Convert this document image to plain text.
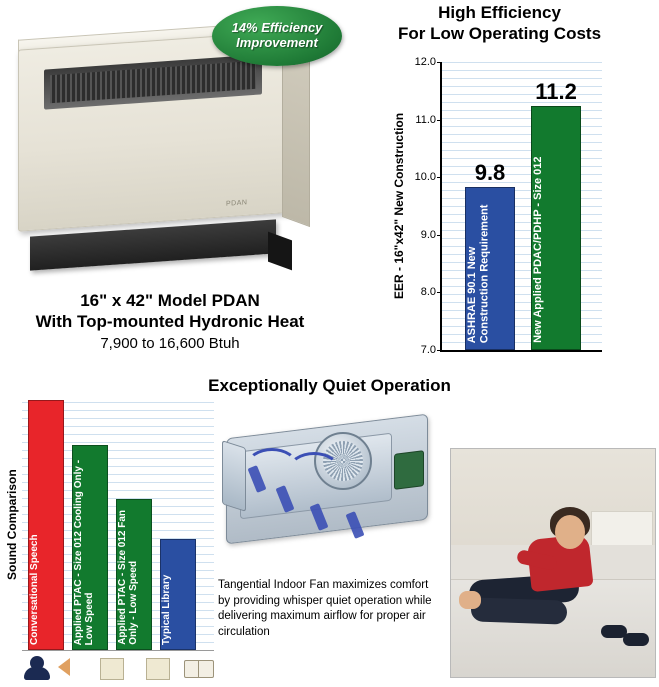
PDAN
14% Efficiency Improvement
16" x 42" Model PDAN
With Top-mounted Hydronic Heat
7,900 to 16,600 Btuh
High Efficiency
For Low Operating Costs
EER - 16"x42" New Construction
7.0
8.0
9.0
10.0
11.0
12.0
9.8
ASHRAE 90.1 New Construction Requirement
11.2
New Applied PDAC/PDHP - Size 012
Exceptionally Quiet Operation
Sound Comparison
Conversational Speech	Applied PTAC - Size 012 Cooling Only - Low Speed	Applied PTAC - Size 012 Fan Only - Low Speed	Typical Library	Tangential Indoor Fan maximizes comfort by providing whisper quiet operation while delivering maximum airflow for proper air circulation
